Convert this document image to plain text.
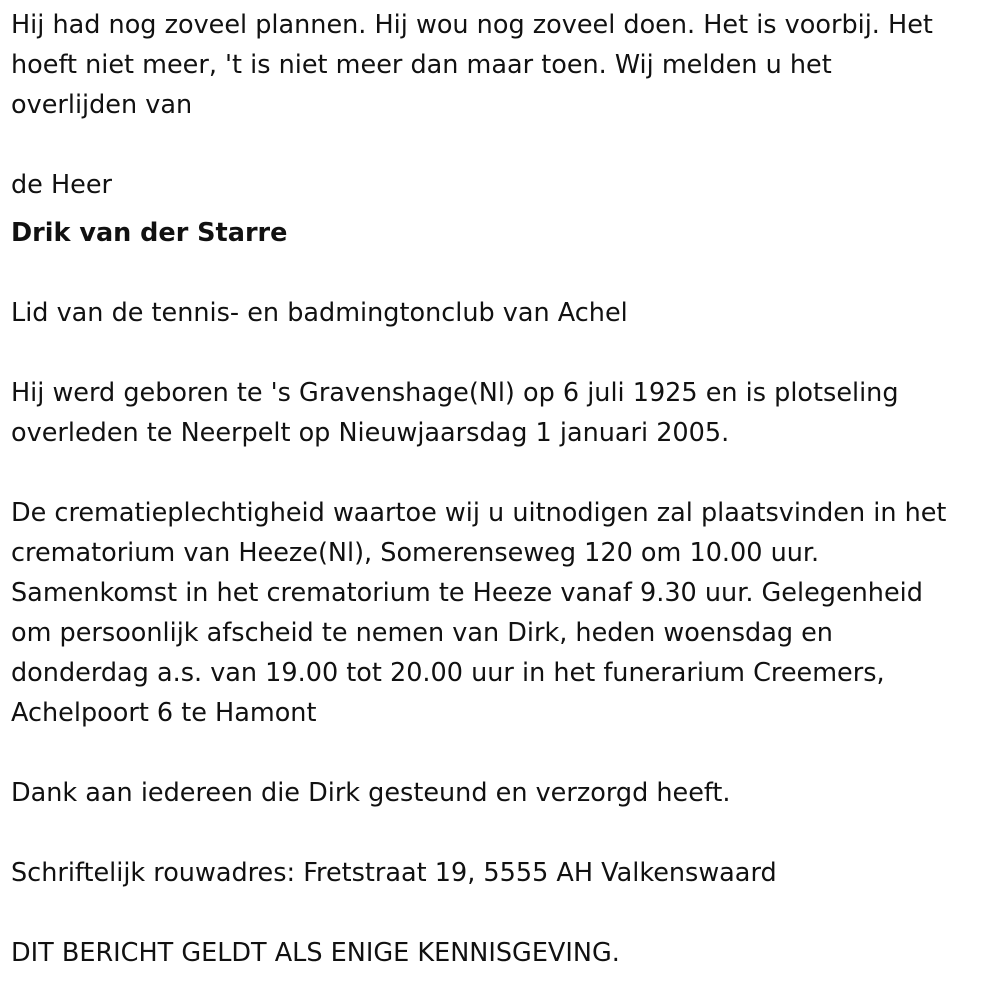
Hij had nog zoveel plannen. Hij wou nog zoveel doen. Het is voorbij. Het
hoeft niet meer, 't is niet meer dan maar toen. Wij melden u het
overlijden van

de Heer

Drik van der Starre

Lid van de tennis- en badmingtonclub van Achel

Hij werd geboren te 's Gravenshage(Nl) op 6 juli 1925 en is plotseling
overleden te Neerpelt op Nieuwjaarsdag 1 januari 2005.

De crematieplechtigheid waartoe wij u uitnodigen zal plaatsvinden in het
crematorium van Heeze(Nl), Somerenseweg 120 om 10.00 uur.
Samenkomst in het crematorium te Heeze vanaf 9.30 uur. Gelegenheid
om persoonlijk afscheid te nemen van Dirk, heden woensdag en
donderdag a.s. van 19.00 tot 20.00 uur in het funerarium Creemers,
Achelpoort 6 te Hamont

Dank aan iedereen die Dirk gesteund en verzorgd heeft.

Schriftelijk rouwadres: Fretstraat 19, 5555 AH Valkenswaard

DIT BERICHT GELDT ALS ENIGE KENNISGEVING.
